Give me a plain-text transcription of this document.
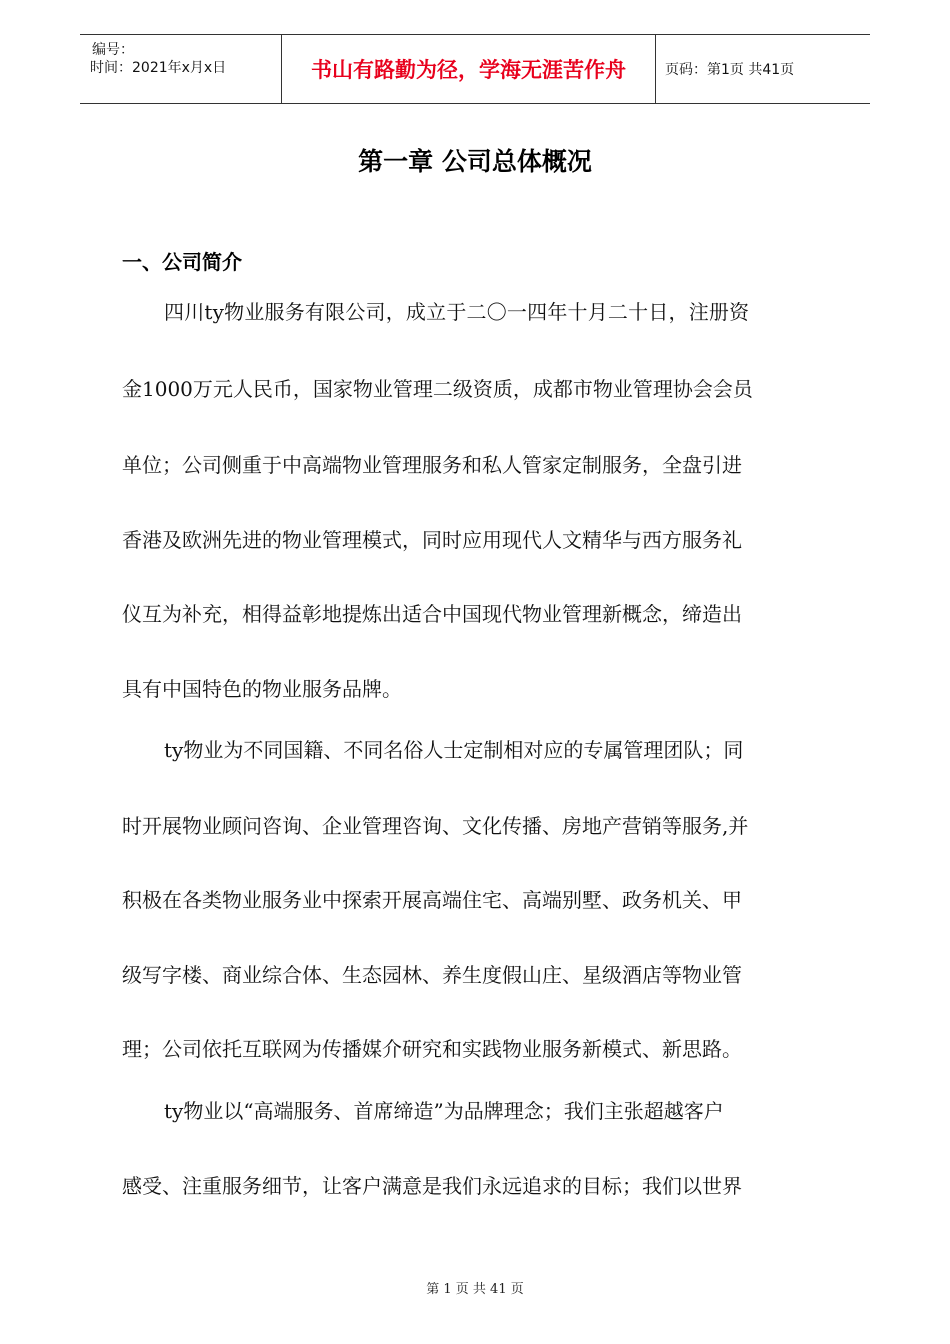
编号：
时间：2021年x月x日	书山有路勤为径，学海无涯苦作舟	页码：第1页 共41页
第一章 公司总体概况
一、公司简介
四川ty物业服务有限公司，成立于二〇一四年十月二十日，注册资
金1000万元人民币，国家物业管理二级资质，成都市物业管理协会会员
单位；公司侧重于中高端物业管理服务和私人管家定制服务，全盘引进
香港及欧洲先进的物业管理模式，同时应用现代人文精华与西方服务礼
仪互为补充，相得益彰地提炼出适合中国现代物业管理新概念，缔造出
具有中国特色的物业服务品牌。
ty物业为不同国籍、不同名俗人士定制相对应的专属管理团队；同
时开展物业顾问咨询、企业管理咨询、文化传播、房地产营销等服务,并
积极在各类物业服务业中探索开展高端住宅、高端别墅、政务机关、甲
级写字楼、商业综合体、生态园林、养生度假山庄、星级酒店等物业管
理；公司依托互联网为传播媒介研究和实践物业服务新模式、新思路。
ty物业以“高端服务、首席缔造”为品牌理念；我们主张超越客户
感受、注重服务细节，让客户满意是我们永远追求的目标；我们以世界
第 1 页 共 41 页
